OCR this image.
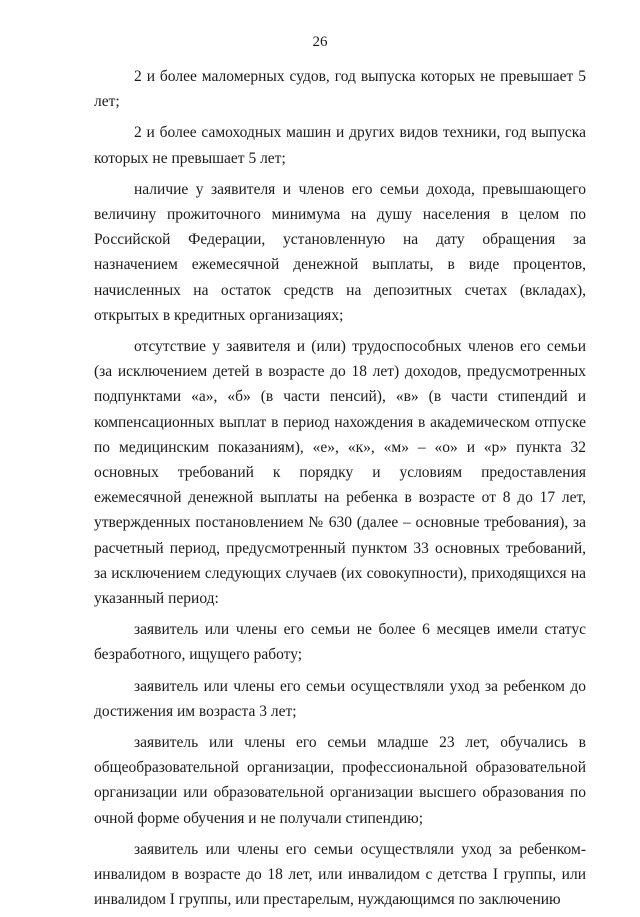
26

2 и более маломерных судов, год выпуска которых не превышает 5 лет;

2 и более самоходных машин и других видов техники, год выпуска которых не превышает 5 лет;

наличие у заявителя и членов его семьи дохода, превышающего величину прожиточного минимума на душу населения в целом по Российской Федерации, установленную на дату обращения за назначением ежемесячной денежной выплаты, в виде процентов, начисленных на остаток средств на депозитных счетах (вкладах), открытых в кредитных организациях;

отсутствие у заявителя и (или) трудоспособных членов его семьи (за исключением детей в возрасте до 18 лет) доходов, предусмотренных подпунктами «а», «б» (в части пенсий), «в» (в части стипендий и компенсационных выплат в период нахождения в академическом отпуске по медицинским показаниям), «е», «к», «м» – «о» и «р» пункта 32 основных требований к порядку и условиям предоставления ежемесячной денежной выплаты на ребенка в возрасте от 8 до 17 лет, утвержденных постановлением № 630 (далее – основные требования), за расчетный период, предусмотренный пунктом 33 основных требований, за исключением следующих случаев (их совокупности), приходящихся на указанный период:

заявитель или члены его семьи не более 6 месяцев имели статус безработного, ищущего работу;

заявитель или члены его семьи осуществляли уход за ребенком до достижения им возраста 3 лет;

заявитель или члены его семьи младше 23 лет, обучались в общеобразовательной организации, профессиональной образовательной организации или образовательной организации высшего образования по очной форме обучения и не получали стипендию;

заявитель или члены его семьи осуществляли уход за ребенком-инвалидом в возрасте до 18 лет, или инвалидом с детства I группы, или инвалидом I группы, или престарелым, нуждающимся по заключению
